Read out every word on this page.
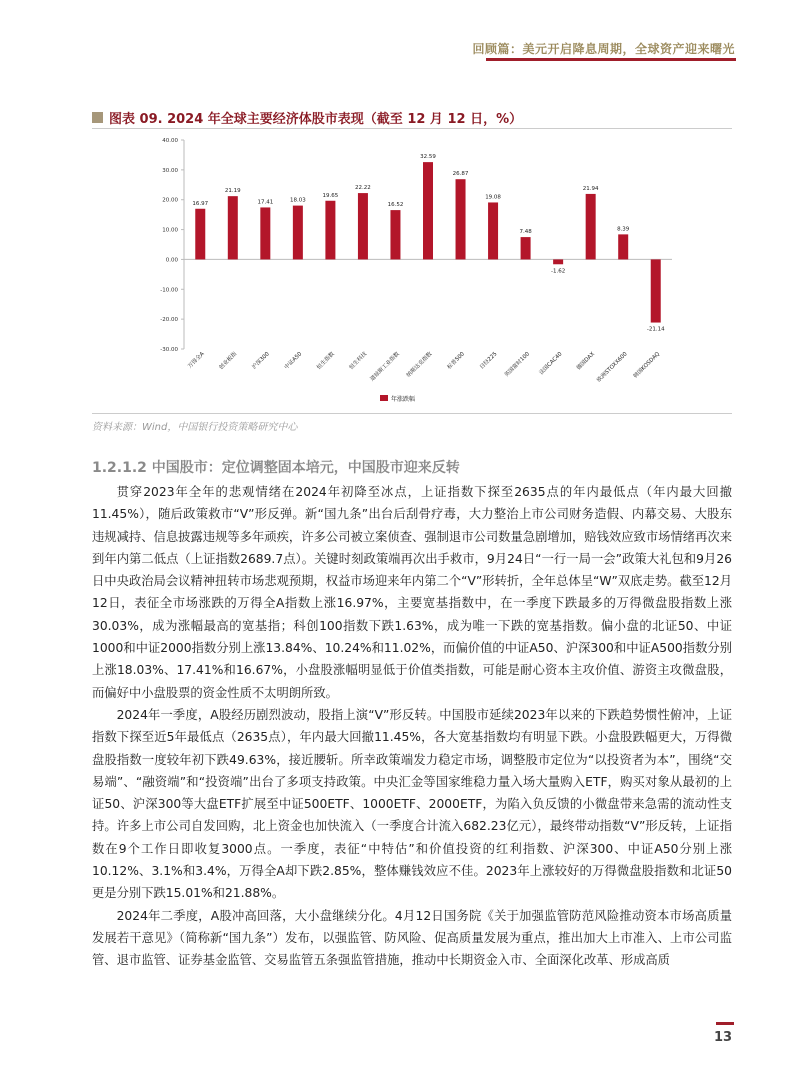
回顾篇：美元开启降息周期，全球资产迎来曙光
图表 09. 2024 年全球主要经济体股市表现（截至 12 月 12 日，%）
40.00
30.00
20.00
10.00
0.00
-10.00
-20.00
-30.00
16.97
万得全A
21.19
创业板指
17.41
沪深300
18.03
中证A50
19.65
恒生指数
22.22
恒生科技
16.52
道琼斯工业指数
32.59
纳斯达克指数
26.87
标普500
19.08
日经225
7.48
英国富时100
-1.62
法国CAC40
21.94
德国DAX
8.39
欧洲STOXX600
-21.14
韩国KOSDAQ
年涨跌幅
资料来源：Wind，中国银行投资策略研究中心
1.2.1.2 中国股市：定位调整固本培元，中国股市迎来反转

贯穿2023年全年的悲观情绪在2024年初降至冰点，上证指数下探至2635点的年内最低点（年内最大回撤11.45%），随后政策救市“V”形反弹。新“国九条”出台后刮骨疗毒，大力整治上市公司财务造假、内幕交易、大股东违规减持、信息披露违规等多年顽疾，许多公司被立案侦查、强制退市公司数量急剧增加，赔钱效应致市场情绪再次来到年内第二低点（上证指数2689.7点）。关键时刻政策端再次出手救市，9月24日“一行一局一会”政策大礼包和9月26日中央政治局会议精神扭转市场悲观预期，权益市场迎来年内第二个“V”形转折，全年总体呈“W”双底走势。截至12月12日，表征全市场涨跌的万得全A指数上涨16.97%，主要宽基指数中，在一季度下跌最多的万得微盘股指数上涨30.03%，成为涨幅最高的宽基指；科创100指数下跌1.63%，成为唯一下跌的宽基指数。偏小盘的北证50、中证1000和中证2000指数分别上涨13.84%、10.24%和11.02%，而偏价值的中证A50、沪深300和中证A500指数分别上涨18.03%、17.41%和16.67%，小盘股涨幅明显低于价值类指数，可能是耐心资本主攻价值、游资主攻微盘股，而偏好中小盘股票的资金性质不太明朗所致。

2024年一季度，A股经历剧烈波动，股指上演“V”形反转。中国股市延续2023年以来的下跌趋势惯性俯冲，上证指数下探至近5年最低点（2635点），年内最大回撤11.45%，各大宽基指数均有明显下跌。小盘股跌幅更大，万得微盘股指数一度较年初下跌49.63%，接近腰斩。所幸政策端发力稳定市场，调整股市定位为“以投资者为本”，围绕“交易端”、“融资端”和“投资端”出台了多项支持政策。中央汇金等国家维稳力量入场大量购入ETF，购买对象从最初的上证50、沪深300等大盘ETF扩展至中证500ETF、1000ETF、2000ETF，为陷入负反馈的小微盘带来急需的流动性支持。许多上市公司自发回购，北上资金也加快流入（一季度合计流入682.23亿元），最终带动指数“V”形反转，上证指数在9个工作日即收复3000点。一季度，表征“中特估”和价值投资的红利指数、沪深300、中证A50分别上涨10.12%、3.1%和3.4%，万得全A却下跌2.85%，整体赚钱效应不佳。2023年上涨较好的万得微盘股指数和北证50更是分别下跌15.01%和21.88%。

2024年二季度，A股冲高回落，大小盘继续分化。4月12日国务院《关于加强监管防范风险推动资本市场高质量发展若干意见》（简称新“国九条”）发布，以强监管、防风险、促高质量发展为重点，推出加大上市准入、上市公司监管、退市监管、证券基金监管、交易监管五条强监管措施，推动中长期资金入市、全面深化改革、形成高质

13
